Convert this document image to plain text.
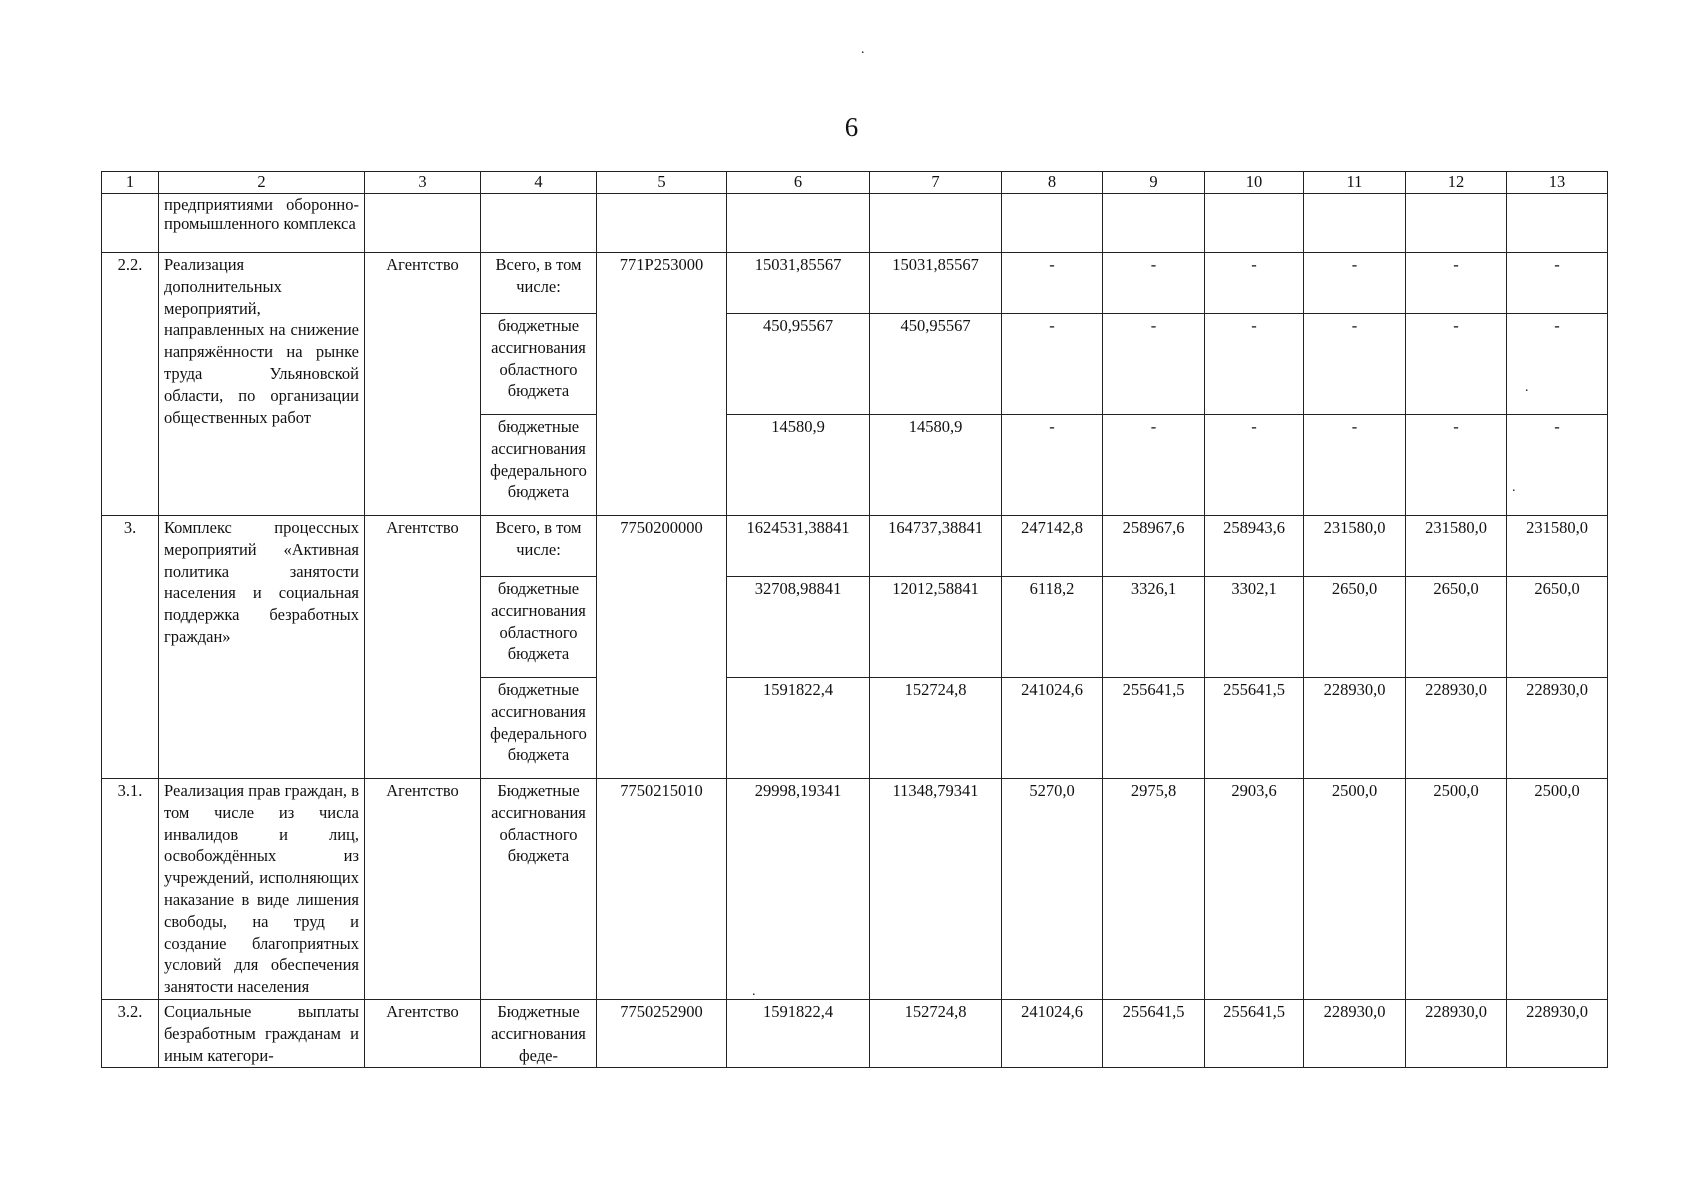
6
.
.
.
.
1	2	3	4	5	6	7	8	9	10	11	12	13
	предприятиями оборонно-промышленного комплекса											
2.2.	Реализация дополнительных мероприятий, направленных на снижение напряжённости на рынке труда Ульяновской области, по организации общественных работ	Агентство	Всего, в том числе:	771P253000	15031,85567	15031,85567	-	-	-	-	-	-
			бюджетные ассигнования областного бюджета		450,95567	450,95567	-	-	-	-	-	-
			бюджетные ассигнования федерального бюджета		14580,9	14580,9	-	-	-	-	-	-
3.	Комплекс процессных мероприятий «Активная политика занятости населения и социальная поддержка безработных граждан»	Агентство	Всего, в том числе:	7750200000	1624531,38841	164737,38841	247142,8	258967,6	258943,6	231580,0	231580,0	231580,0
			бюджетные ассигнования областного бюджета		32708,98841	12012,58841	6118,2	3326,1	3302,1	2650,0	2650,0	2650,0
			бюджетные ассигнования федерального бюджета		1591822,4	152724,8	241024,6	255641,5	255641,5	228930,0	228930,0	228930,0
3.1.	Реализация прав граждан, в том числе из числа инвалидов и лиц, освобождённых из учреждений, исполняющих наказание в виде лишения свободы, на труд и создание благоприятных условий для обеспечения занятости населения	Агентство	Бюджетные ассигнования областного бюджета	7750215010	29998,19341	11348,79341	5270,0	2975,8	2903,6	2500,0	2500,0	2500,0
3.2.	Социальные выплаты безработным гражданам и иным категори-	Агентство	Бюджетные ассигнования феде-	7750252900	1591822,4	152724,8	241024,6	255641,5	255641,5	228930,0	228930,0	228930,0
